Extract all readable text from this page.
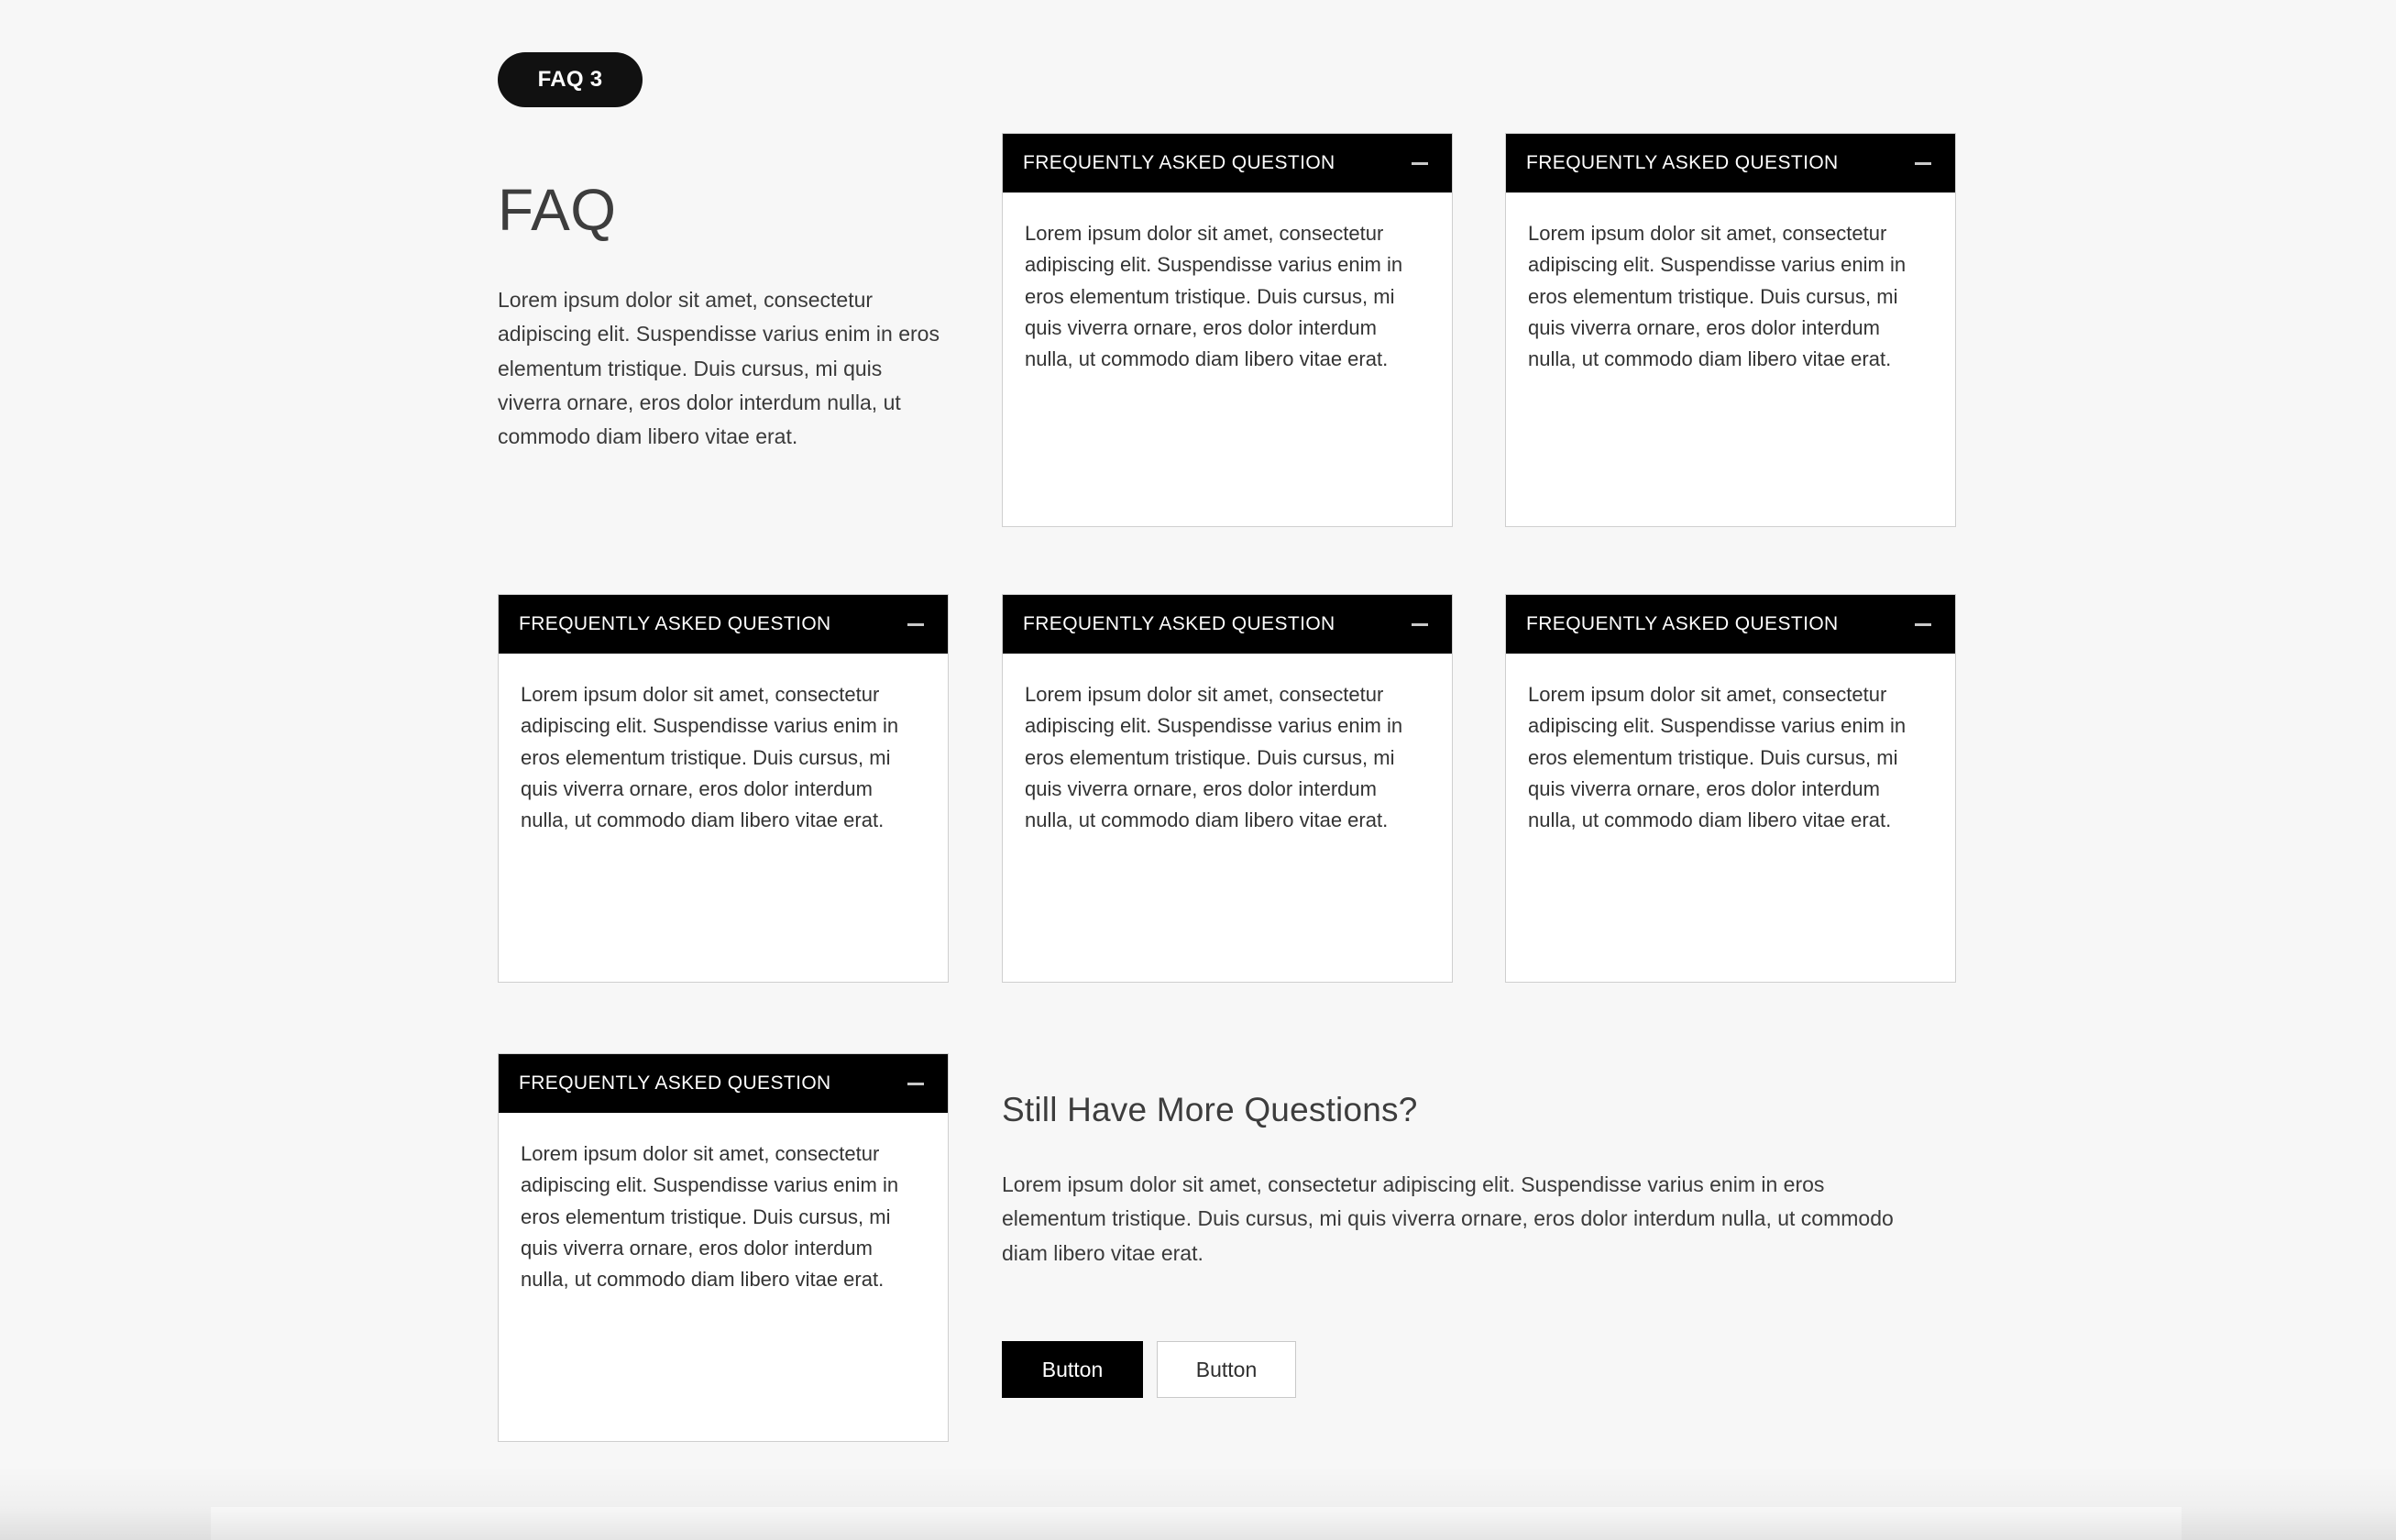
FAQ 3
FAQ

Lorem ipsum dolor sit amet, consectetur adipiscing elit. Suspendisse varius enim in eros elementum tristique. Duis cursus, mi quis viverra ornare, eros dolor interdum nulla, ut commodo diam libero vitae erat.

FREQUENTLY ASKED QUESTION
Lorem ipsum dolor sit amet, consectetur adipiscing elit. Suspendisse varius enim in eros elementum tristique. Duis cursus, mi quis viverra ornare, eros dolor interdum nulla, ut commodo diam libero vitae erat.
FREQUENTLY ASKED QUESTION
Lorem ipsum dolor sit amet, consectetur adipiscing elit. Suspendisse varius enim in eros elementum tristique. Duis cursus, mi quis viverra ornare, eros dolor interdum nulla, ut commodo diam libero vitae erat.
FREQUENTLY ASKED QUESTION
Lorem ipsum dolor sit amet, consectetur adipiscing elit. Suspendisse varius enim in eros elementum tristique. Duis cursus, mi quis viverra ornare, eros dolor interdum nulla, ut commodo diam libero vitae erat.
FREQUENTLY ASKED QUESTION
Lorem ipsum dolor sit amet, consectetur adipiscing elit. Suspendisse varius enim in eros elementum tristique. Duis cursus, mi quis viverra ornare, eros dolor interdum nulla, ut commodo diam libero vitae erat.
FREQUENTLY ASKED QUESTION
Lorem ipsum dolor sit amet, consectetur adipiscing elit. Suspendisse varius enim in eros elementum tristique. Duis cursus, mi quis viverra ornare, eros dolor interdum nulla, ut commodo diam libero vitae erat.
FREQUENTLY ASKED QUESTION
Lorem ipsum dolor sit amet, consectetur adipiscing elit. Suspendisse varius enim in eros elementum tristique. Duis cursus, mi quis viverra ornare, eros dolor interdum nulla, ut commodo diam libero vitae erat.
Still Have More Questions?

Lorem ipsum dolor sit amet, consectetur adipiscing elit. Suspendisse varius enim in eros elementum tristique. Duis cursus, mi quis viverra ornare, eros dolor interdum nulla, ut commodo diam libero vitae erat.

Button	Button
